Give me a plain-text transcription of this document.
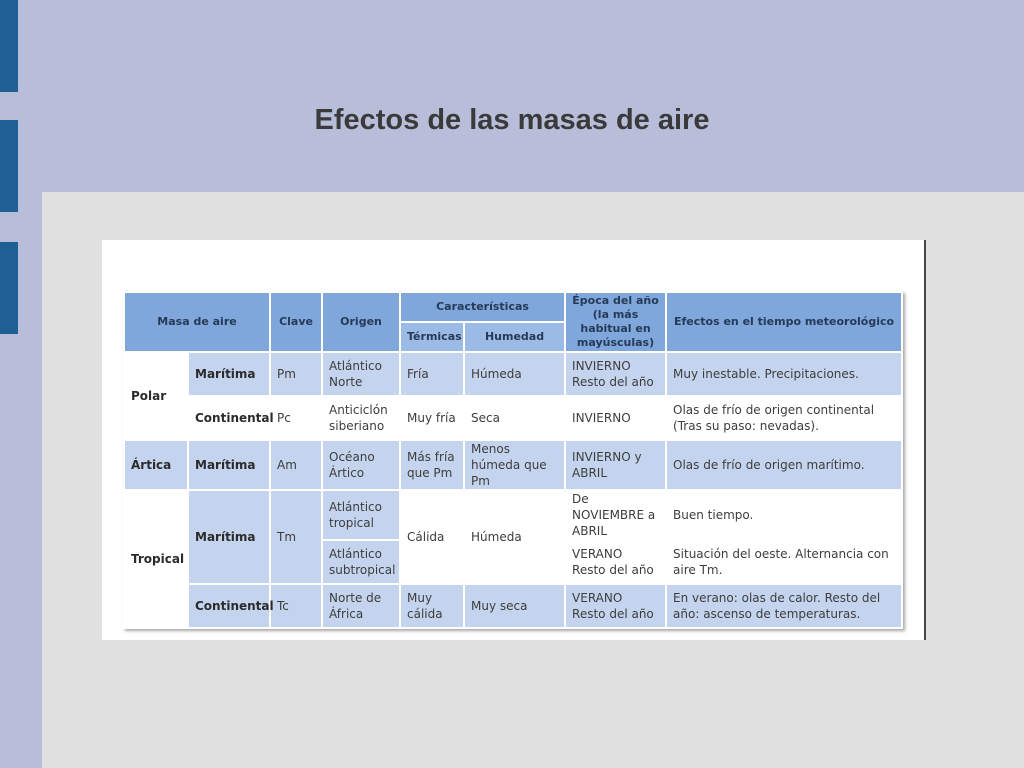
Efectos de las masas de aire
Masa de aire		Clave	Origen	Características		Época del año (la más habitual en mayúsculas)	Efectos en el tiempo meteorológico
				Térmicas	Humedad		
Polar	Marítima	Pm	Atlántico Norte	Fría	Húmeda	INVIERNO Resto del año	Muy inestable. Precipitaciones.
	Continental	Pc	Anticiclón siberiano	Muy fría	Seca	INVIERNO	Olas de frío de origen continental (Tras su paso: nevadas).
Ártica	Marítima	Am	Océano Ártico	Más fría que Pm	Menos húmeda que Pm	INVIERNO y ABRIL	Olas de frío de origen marítimo.
Tropical	Marítima	Tm	Atlántico tropical	Cálida	Húmeda	De NOVIEMBRE a ABRIL	Buen tiempo.
			Atlántico subtropical			VERANO Resto del año	Situación del oeste. Alternancia con aire Tm.
	Continental	Tc	Norte de África	Muy cálida	Muy seca	VERANO Resto del año	En verano: olas de calor. Resto del año: ascenso de temperaturas.
